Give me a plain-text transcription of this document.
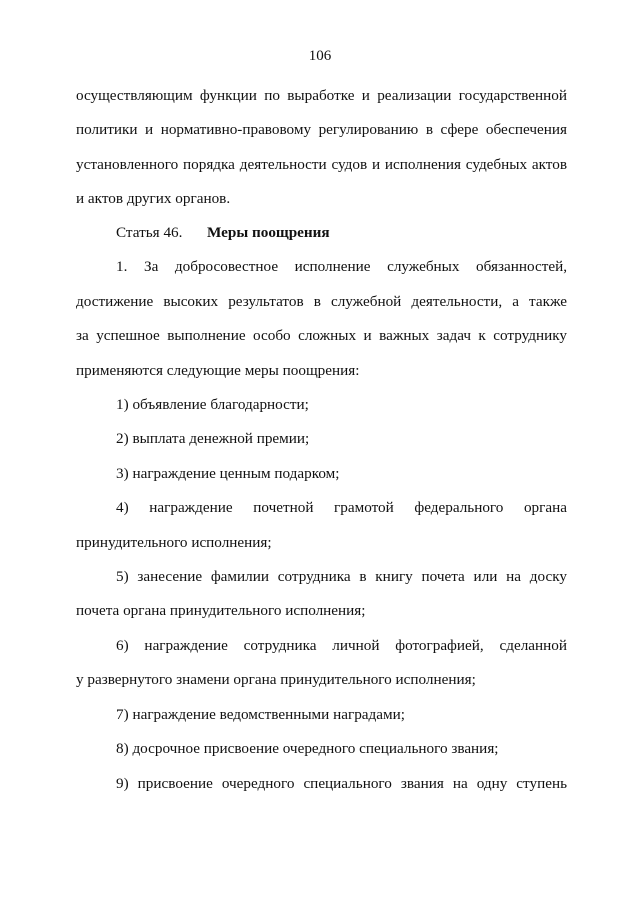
106

осуществляющим функции по выработке и реализации государственной

политики и нормативно-правовому регулированию в сфере обеспечения

установленного порядка деятельности судов и исполнения судебных актов

и актов других органов.

Статья 46. Меры поощрения

1. За добросовестное исполнение служебных обязанностей,

достижение высоких результатов в служебной деятельности, а также

за успешное выполнение особо сложных и важных задач к сотруднику

применяются следующие меры поощрения:

1) объявление благодарности;

2) выплата денежной премии;

3) награждение ценным подарком;

4) награждение почетной грамотой федерального органа

принудительного исполнения;

5) занесение фамилии сотрудника в книгу почета или на доску

почета органа принудительного исполнения;

6) награждение сотрудника личной фотографией, сделанной

у развернутого знамени органа принудительного исполнения;

7) награждение ведомственными наградами;

8) досрочное присвоение очередного специального звания;

9) присвоение очередного специального звания на одну ступень
